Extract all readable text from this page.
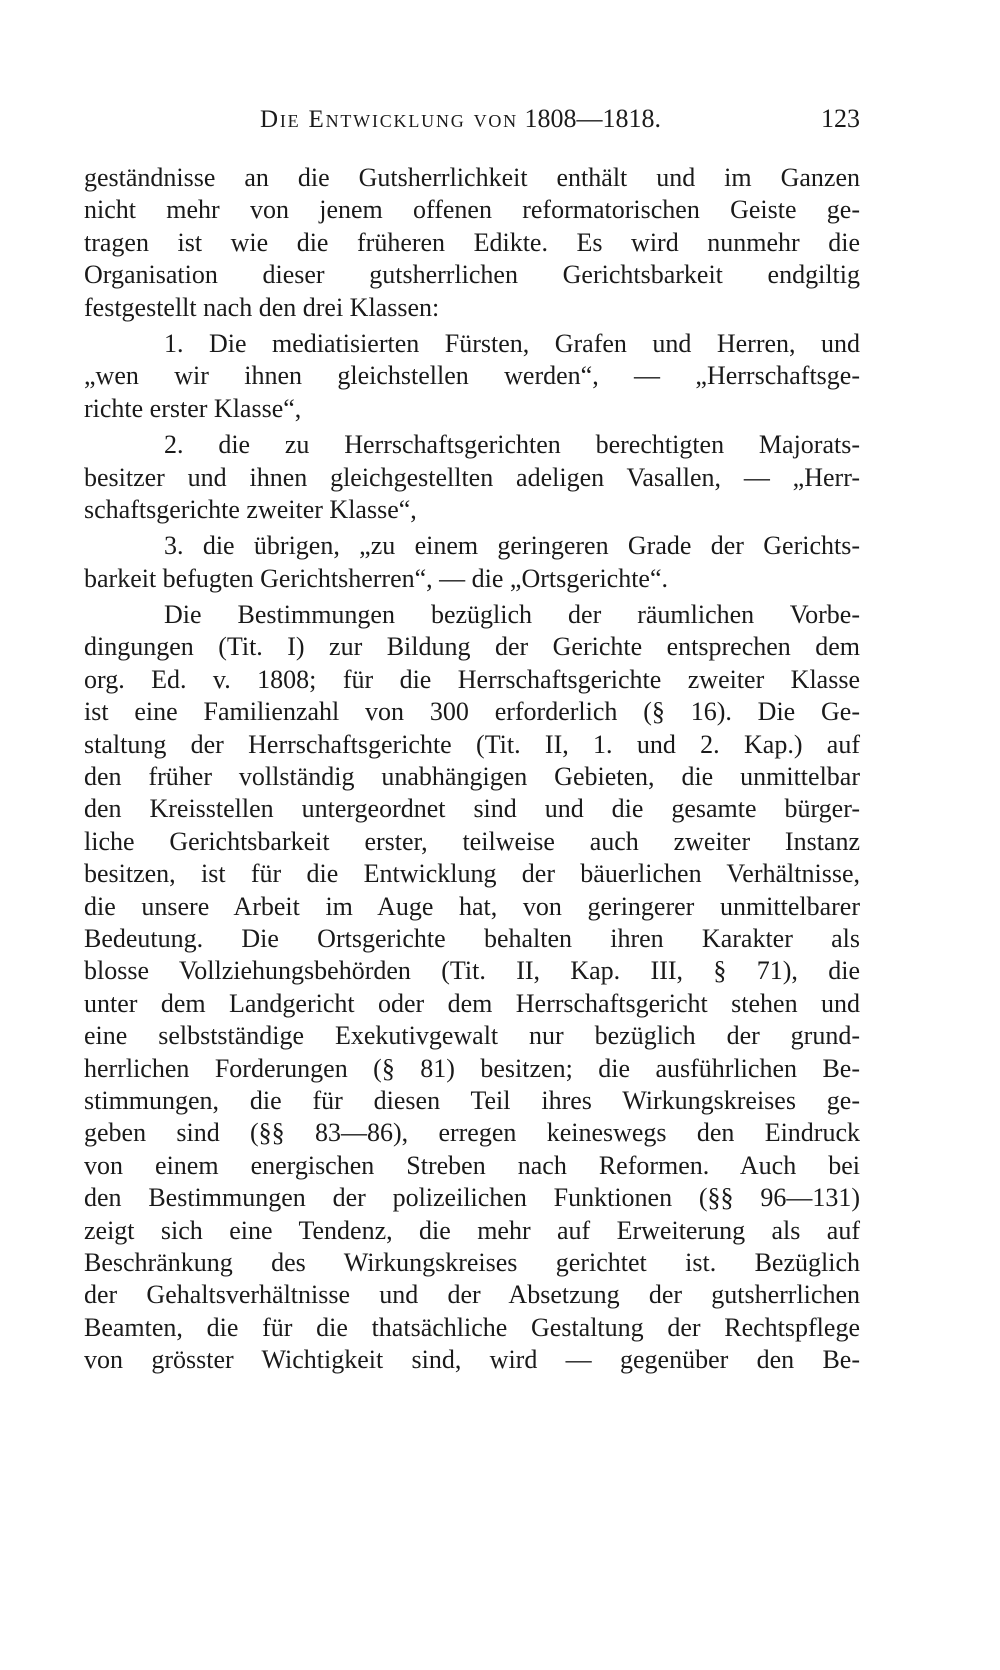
Die Entwicklung von 1808—1818.	123
geständnisse an die Gutsherrlichkeit enthält und im Ganzen
nicht mehr von jenem offenen reformatorischen Geiste ge-
tragen ist wie die früheren Edikte. Es wird nunmehr die
Organisation dieser gutsherrlichen Gerichtsbarkeit endgiltig
festgestellt nach den drei Klassen:
1. Die mediatisierten Fürsten, Grafen und Herren, und
„wen wir ihnen gleichstellen werden“, — „Herrschaftsge-
richte erster Klasse“,
2. die zu Herrschaftsgerichten berechtigten Majorats-
besitzer und ihnen gleichgestellten adeligen Vasallen, — „Herr-
schaftsgerichte zweiter Klasse“,
3. die übrigen, „zu einem geringeren Grade der Gerichts-
barkeit befugten Gerichtsherren“, — die „Ortsgerichte“.
Die Bestimmungen bezüglich der räumlichen Vorbe-
dingungen (Tit. I) zur Bildung der Gerichte entsprechen dem
org. Ed. v. 1808; für die Herrschaftsgerichte zweiter Klasse
ist eine Familienzahl von 300 erforderlich (§ 16). Die Ge-
staltung der Herrschaftsgerichte (Tit. II, 1. und 2. Kap.) auf
den früher vollständig unabhängigen Gebieten, die unmittelbar
den Kreisstellen untergeordnet sind und die gesamte bürger-
liche Gerichtsbarkeit erster, teilweise auch zweiter Instanz
besitzen, ist für die Entwicklung der bäuerlichen Verhältnisse,
die unsere Arbeit im Auge hat, von geringerer unmittelbarer
Bedeutung. Die Ortsgerichte behalten ihren Karakter als
blosse Vollziehungsbehörden (Tit. II, Kap. III, § 71), die
unter dem Landgericht oder dem Herrschaftsgericht stehen und
eine selbstständige Exekutivgewalt nur bezüglich der grund-
herrlichen Forderungen (§ 81) besitzen; die ausführlichen Be-
stimmungen, die für diesen Teil ihres Wirkungskreises ge-
geben sind (§§ 83—86), erregen keineswegs den Eindruck
von einem energischen Streben nach Reformen. Auch bei
den Bestimmungen der polizeilichen Funktionen (§§ 96—131)
zeigt sich eine Tendenz, die mehr auf Erweiterung als auf
Beschränkung des Wirkungskreises gerichtet ist. Bezüglich
der Gehaltsverhältnisse und der Absetzung der gutsherrlichen
Beamten, die für die thatsächliche Gestaltung der Rechtspflege
von grösster Wichtigkeit sind, wird — gegenüber den Be-
